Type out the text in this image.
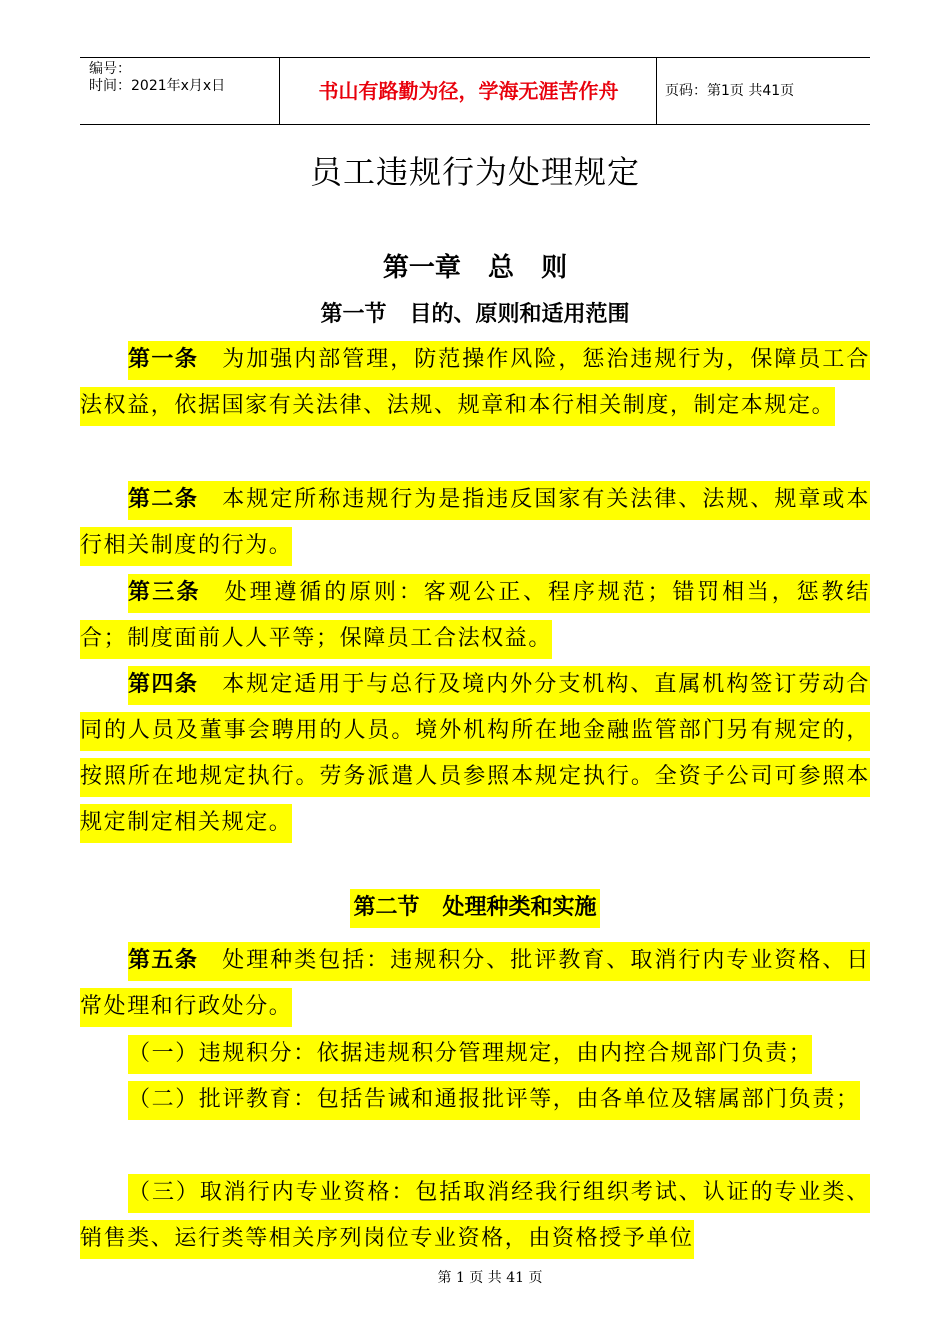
编号：
时间：2021年x月x日	书山有路勤为径，学海无涯苦作舟	页码：第1页 共41页
员工违规行为处理规定
第一章   总   则
第一节   目的、原则和适用范围
第一条 为加强内部管理，防范操作风险，惩治违规行为，保障员工合法权益，依据国家有关法律、法规、规章和本行相关制度，制定本规定。
第二条 本规定所称违规行为是指违反国家有关法律、法规、规章或本行相关制度的行为。
第三条 处理遵循的原则：客观公正、程序规范；错罚相当，惩教结合；制度面前人人平等；保障员工合法权益。
第四条 本规定适用于与总行及境内外分支机构、直属机构签订劳动合同的人员及董事会聘用的人员。境外机构所在地金融监管部门另有规定的，按照所在地规定执行。劳务派遣人员参照本规定执行。全资子公司可参照本规定制定相关规定。
第二节   处理种类和实施
第五条 处理种类包括：违规积分、批评教育、取消行内专业资格、日常处理和行政处分。
（一）违规积分：依据违规积分管理规定，由内控合规部门负责；
（二）批评教育：包括告诫和通报批评等，由各单位及辖属部门负责；
（三）取消行内专业资格：包括取消经我行组织考试、认证的专业类、销售类、运行类等相关序列岗位专业资格，由资格授予单位
第 1 页 共 41 页
